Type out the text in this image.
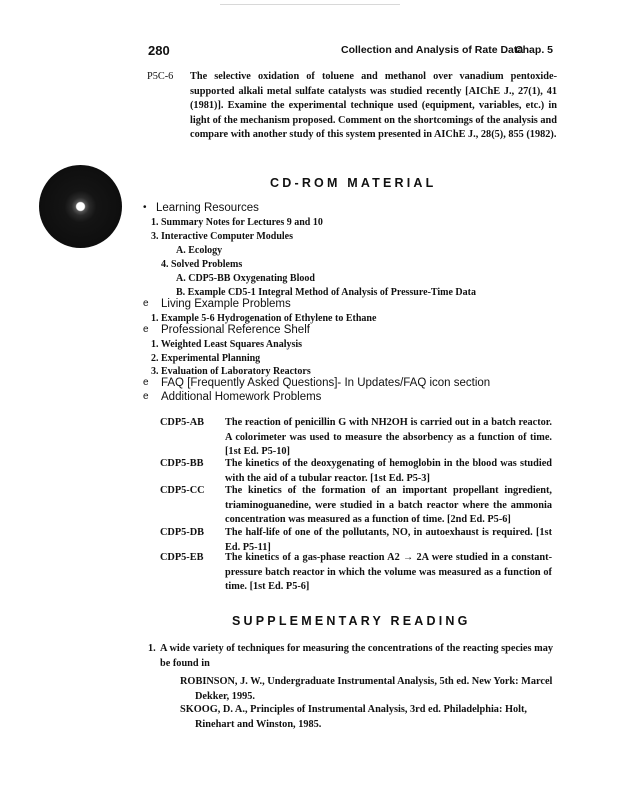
280	Collection and Analysis of Rate Data
Chap. 5
P5C-6 The selective oxidation of toluene and methanol over vanadium pentoxide-supported alkali metal sulfate catalysts was studied recently [AIChE J., 27(1), 41 (1981)]. Examine the experimental technique used (equipment, variables, etc.) in light of the mechanism proposed. Comment on the shortcomings of the analysis and compare with another study of this system presented in AIChE J., 28(5), 855 (1982).
CD-ROM MATERIAL
• Learning Resources
1. Summary Notes for Lectures 9 and 10
3. Interactive Computer Modules
A. Ecology
4. Solved Problems
A. CDP5-BB Oxygenating Blood
B. Example CD5-1 Integral Method of Analysis of Pressure-Time Data
e Living Example Problems
1. Example 5-6 Hydrogenation of Ethylene to Ethane
e Professional Reference Shelf
1. Weighted Least Squares Analysis
2. Experimental Planning
3. Evaluation of Laboratory Reactors
e FAQ [Frequently Asked Questions]- In Updates/FAQ icon section
e Additional Homework Problems
CDP5-AB The reaction of penicillin G with NH2OH is carried out in a batch reactor. A colorimeter was used to measure the absorbency as a function of time. [1st Ed. P5-10]
CDP5-BB The kinetics of the deoxygenating of hemoglobin in the blood was studied with the aid of a tubular reactor. [1st Ed. P5-3]
CDP5-CC The kinetics of the formation of an important propellant ingredient, triaminoguanedine, were studied in a batch reactor where the ammonia concentration was measured as a function of time. [2nd Ed. P5-6]
CDP5-DB The half-life of one of the pollutants, NO, in autoexhaust is required. [1st Ed. P5-11]
CDP5-EB The kinetics of a gas-phase reaction A2 → 2A were studied in a constant-pressure batch reactor in which the volume was measured as a function of time. [1st Ed. P5-6]
SUPPLEMENTARY READING
1. A wide variety of techniques for measuring the concentrations of the reacting species may be found in
ROBINSON, J. W., Undergraduate Instrumental Analysis, 5th ed. New York: Marcel Dekker, 1995.
SKOOG, D. A., Principles of Instrumental Analysis, 3rd ed. Philadelphia: Holt, Rinehart and Winston, 1985.
